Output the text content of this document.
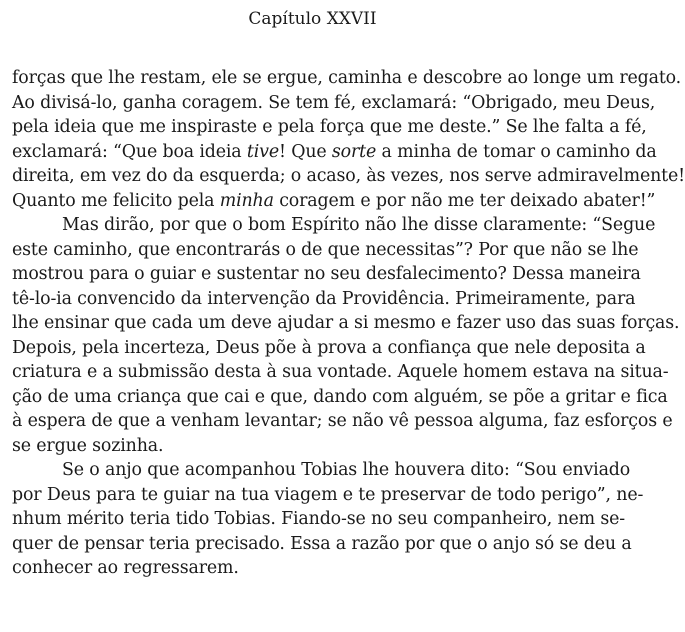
Capítulo XXVII
forças que lhe restam, ele se ergue, caminha e descobre ao longe um regato.
Ao divisá-lo, ganha coragem. Se tem fé, exclamará: “Obrigado, meu Deus,
pela ideia que me inspiraste e pela força que me deste.” Se lhe falta a fé,
exclamará: “Que boa ideia tive! Que sorte a minha de tomar o caminho da
direita, em vez do da esquerda; o acaso, às vezes, nos serve admiravelmente!
Quanto me felicito pela minha coragem e por não me ter deixado abater!”
Mas dirão, por que o bom Espírito não lhe disse claramente: “Segue
este caminho, que encontrarás o de que necessitas”? Por que não se lhe
mostrou para o guiar e sustentar no seu desfalecimento? Dessa maneira
tê-lo-ia convencido da intervenção da Providência. Primeiramente, para
lhe ensinar que cada um deve ajudar a si mesmo e fazer uso das suas forças.
Depois, pela incerteza, Deus põe à prova a confiança que nele deposita a
criatura e a submissão desta à sua vontade. Aquele homem estava na situa-
ção de uma criança que cai e que, dando com alguém, se põe a gritar e fica
à espera de que a venham levantar; se não vê pessoa alguma, faz esforços e
se ergue sozinha.
Se o anjo que acompanhou Tobias lhe houvera dito: “Sou enviado
por Deus para te guiar na tua viagem e te preservar de todo perigo”, ne-
nhum mérito teria tido Tobias. Fiando-se no seu companheiro, nem se-
quer de pensar teria precisado. Essa a razão por que o anjo só se deu a
conhecer ao regressarem.
